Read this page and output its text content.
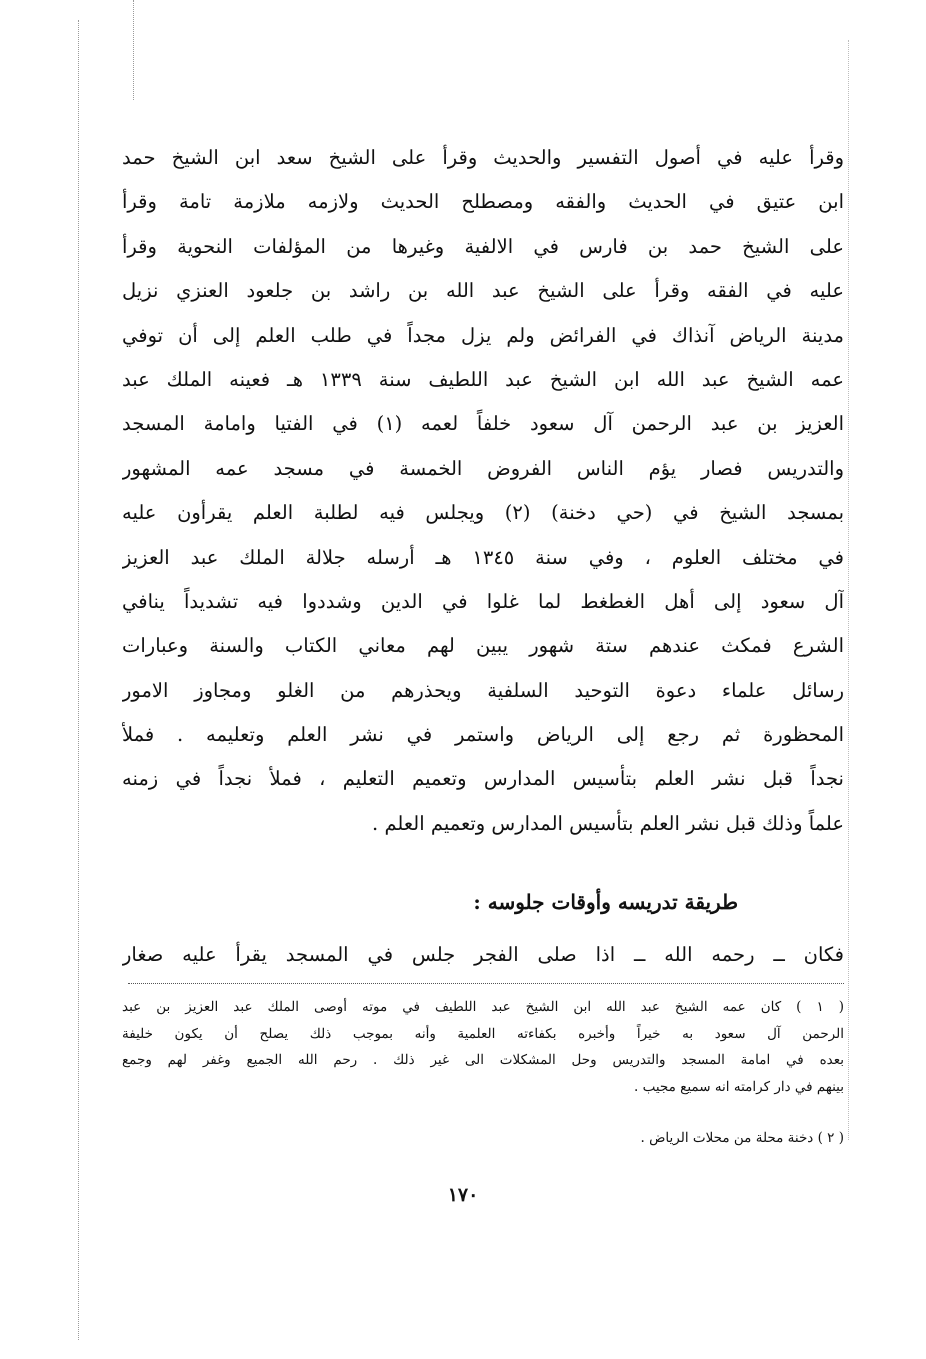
وقرأ عليه في أصول التفسير والحديث وقرأ على الشيخ سعد ابن الشيخ حمد
ابن عتيق في الحديث والفقه ومصطلح الحديث ولازمه ملازمة تامة وقرأ
على الشيخ حمد بن فارس في الالفية وغيرها من المؤلفات النحوية وقرأ
عليه في الفقه وقرأ على الشيخ عبد الله بن راشد بن جلعود العنزي نزيل
مدينة الرياض آنذاك في الفرائض ولم يزل مجداً في طلب العلم إلى أن توفي
عمه الشيخ عبد الله ابن الشيخ عبد اللطيف سنة ١٣٣٩ هـ فعينه الملك عبد
العزيز بن عبد الرحمن آل سعود خلفاً لعمه (١) في الفتيا وامامة المسجد
والتدريس فصار يؤم الناس الفروض الخمسة في مسجد عمه المشهور
بمسجد الشيخ في (حي دخنة) (٢) ويجلس فيه لطلبة العلم يقرأون عليه
في مختلف العلوم ، وفي سنة ١٣٤٥ هـ أرسله جلالة الملك عبد العزيز
آل سعود إلى أهل الغطغط لما غلوا في الدين وشددوا فيه تشديداً ينافي
الشرع فمكث عندهم ستة شهور يبين لهم معاني الكتاب والسنة وعبارات
رسائل علماء دعوة التوحيد السلفية ويحذرهم من الغلو ومجاوز الامور
المحظورة ثم رجع إلى الرياض واستمر في نشر العلم وتعليمه . فملأ
نجداً قبل نشر العلم بتأسيس المدارس وتعميم التعليم ، فملأ نجداً في زمنه
علماً وذلك قبل نشر العلم بتأسيس المدارس وتعميم العلم .
طريقة تدريسه وأوقات جلوسه :
فكان ــ رحمه الله ــ اذا صلى الفجر جلس في المسجد يقرأ عليه صغار
( ١ ) كان عمه الشيخ عبد الله ابن الشيخ عبد اللطيف في موته أوصى الملك عبد العزيز بن عبد
الرحمن آل سعود به خيراً وأخبره بكفاءته العلمية وأنه بموجب ذلك يصلح أن يكون خليفة
بعده في امامة المسجد والتدريس وحل المشكلات الى غير ذلك . رحم الله الجميع وغفر لهم وجمع
بينهم في دار كرامته انه سميع مجيب .
( ٢ ) دخنة محلة من محلات الرياض .
١٧٠
